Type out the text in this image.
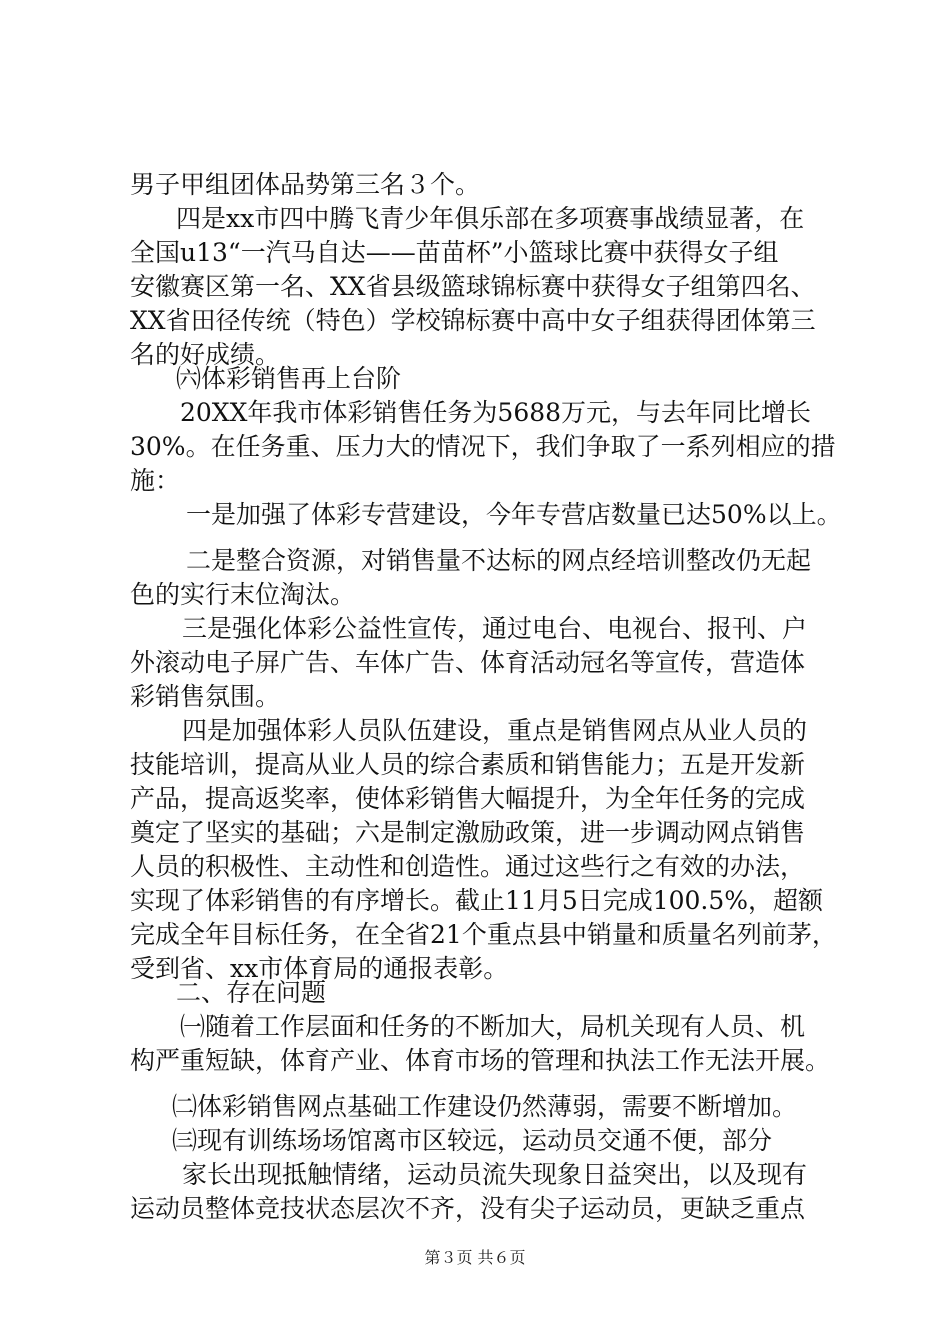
男子甲组团体品势第三名３个。
四是xx市四中腾飞青少年俱乐部在多项赛事战绩显著，在
全国u13“一汽马自达——苗苗杯”小篮球比赛中获得女子组
安徽赛区第一名、XX省县级篮球锦标赛中获得女子组第四名、
XX省田径传统（特色）学校锦标赛中高中女子组获得团体第三
名的好成绩。
㈥体彩销售再上台阶
20XX年我市体彩销售任务为5688万元，与去年同比增长
30%。在任务重、压力大的情况下，我们争取了一系列相应的措
施：
一是加强了体彩专营建设，今年专营店数量已达50%以上。
二是整合资源，对销售量不达标的网点经培训整改仍无起
色的实行末位淘汰。
三是强化体彩公益性宣传，通过电台、电视台、报刊、户
外滚动电子屏广告、车体广告、体育活动冠名等宣传，营造体
彩销售氛围。
四是加强体彩人员队伍建设，重点是销售网点从业人员的
技能培训，提高从业人员的综合素质和销售能力；五是开发新
产品，提高返奖率，使体彩销售大幅提升，为全年任务的完成
奠定了坚实的基础；六是制定激励政策，进一步调动网点销售
人员的积极性、主动性和创造性。通过这些行之有效的办法，
实现了体彩销售的有序增长。截止11月5日完成100.5%，超额
完成全年目标任务，在全省21个重点县中销量和质量名列前茅，
受到省、xx市体育局的通报表彰。
二、存在问题
㈠随着工作层面和任务的不断加大，局机关现有人员、机
构严重短缺，体育产业、体育市场的管理和执法工作无法开展。
㈡体彩销售网点基础工作建设仍然薄弱，需要不断增加。
㈢现有训练场场馆离市区较远，运动员交通不便，部分
家长出现抵触情绪，运动员流失现象日益突出，以及现有
运动员整体竞技状态层次不齐，没有尖子运动员，更缺乏重点
第３页 共６页
